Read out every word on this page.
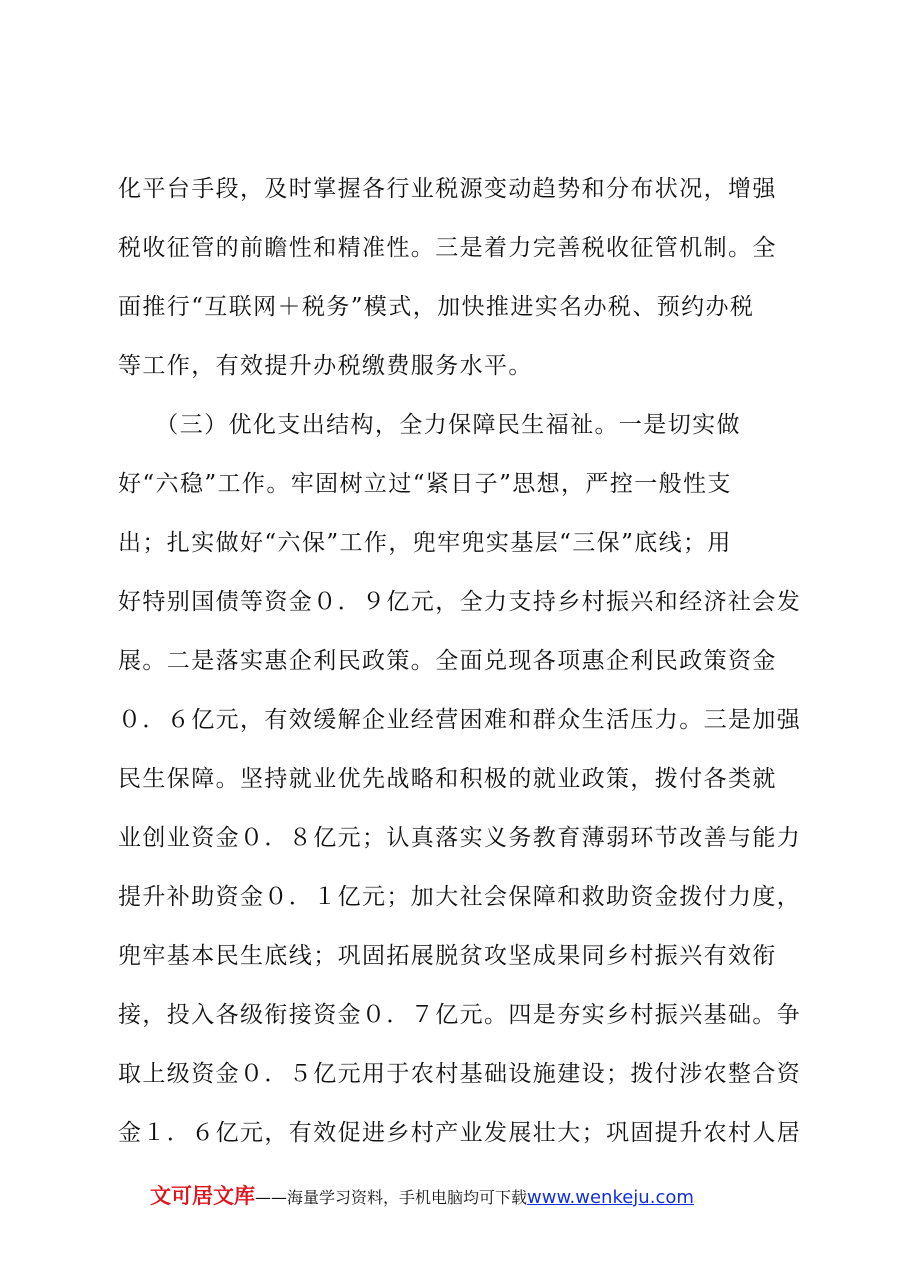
化平台手段，及时掌握各行业税源变动趋势和分布状况，增强
税收征管的前瞻性和精准性。三是着力完善税收征管机制。全
面推行“互联网＋税务”模式，加快推进实名办税、预约办税
等工作，有效提升办税缴费服务水平。
　　（三）优化支出结构，全力保障民生福祉。一是切实做
好“六稳”工作。牢固树立过“紧日子”思想，严控一般性支
出；扎实做好“六保”工作，兜牢兜实基层“三保”底线；用
好特别国债等资金０．９亿元，全力支持乡村振兴和经济社会发
展。二是落实惠企利民政策。全面兑现各项惠企利民政策资金
０．６亿元，有效缓解企业经营困难和群众生活压力。三是加强
民生保障。坚持就业优先战略和积极的就业政策，拨付各类就
业创业资金０．８亿元；认真落实义务教育薄弱环节改善与能力
提升补助资金０．１亿元；加大社会保障和救助资金拨付力度，
兜牢基本民生底线；巩固拓展脱贫攻坚成果同乡村振兴有效衔
接，投入各级衔接资金０．７亿元。四是夯实乡村振兴基础。争
取上级资金０．５亿元用于农村基础设施建设；拨付涉农整合资
金１．６亿元，有效促进乡村产业发展壮大；巩固提升农村人居
文可居文库——海量学习资料，手机电脑均可下载www.wenkeju.com
